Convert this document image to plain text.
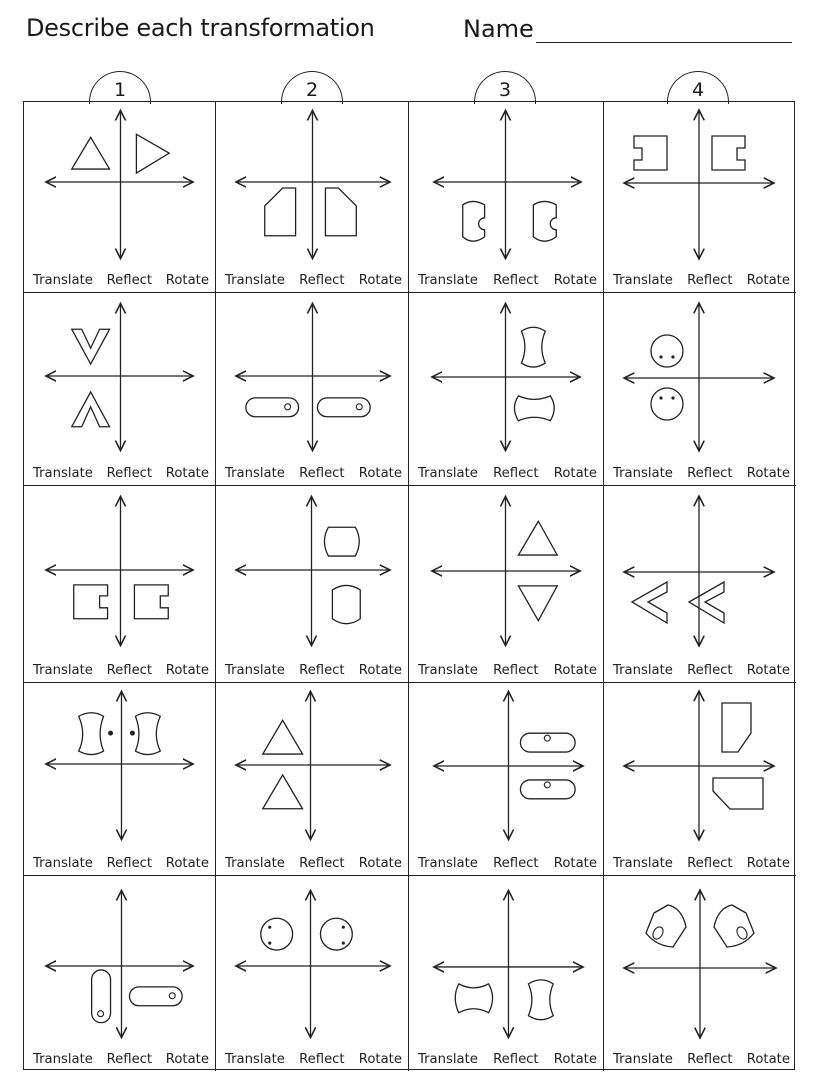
Describe each transformation	Name
1	2	3	4
Translate Reflect Rotate Translate Reflect Rotate Translate Reflect Rotate Translate Reflect Rotate
Translate Reflect Rotate Translate Reflect Rotate Translate Reflect Rotate Translate Reflect Rotate
Translate Reflect Rotate Translate Reflect Rotate Translate Reflect Rotate Translate Reflect Rotate
Translate Reflect Rotate Translate Reflect Rotate Translate Reflect Rotate Translate Reflect Rotate
Translate Reflect Rotate Translate Reflect Rotate Translate Reflect Rotate Translate Reflect Rotate
